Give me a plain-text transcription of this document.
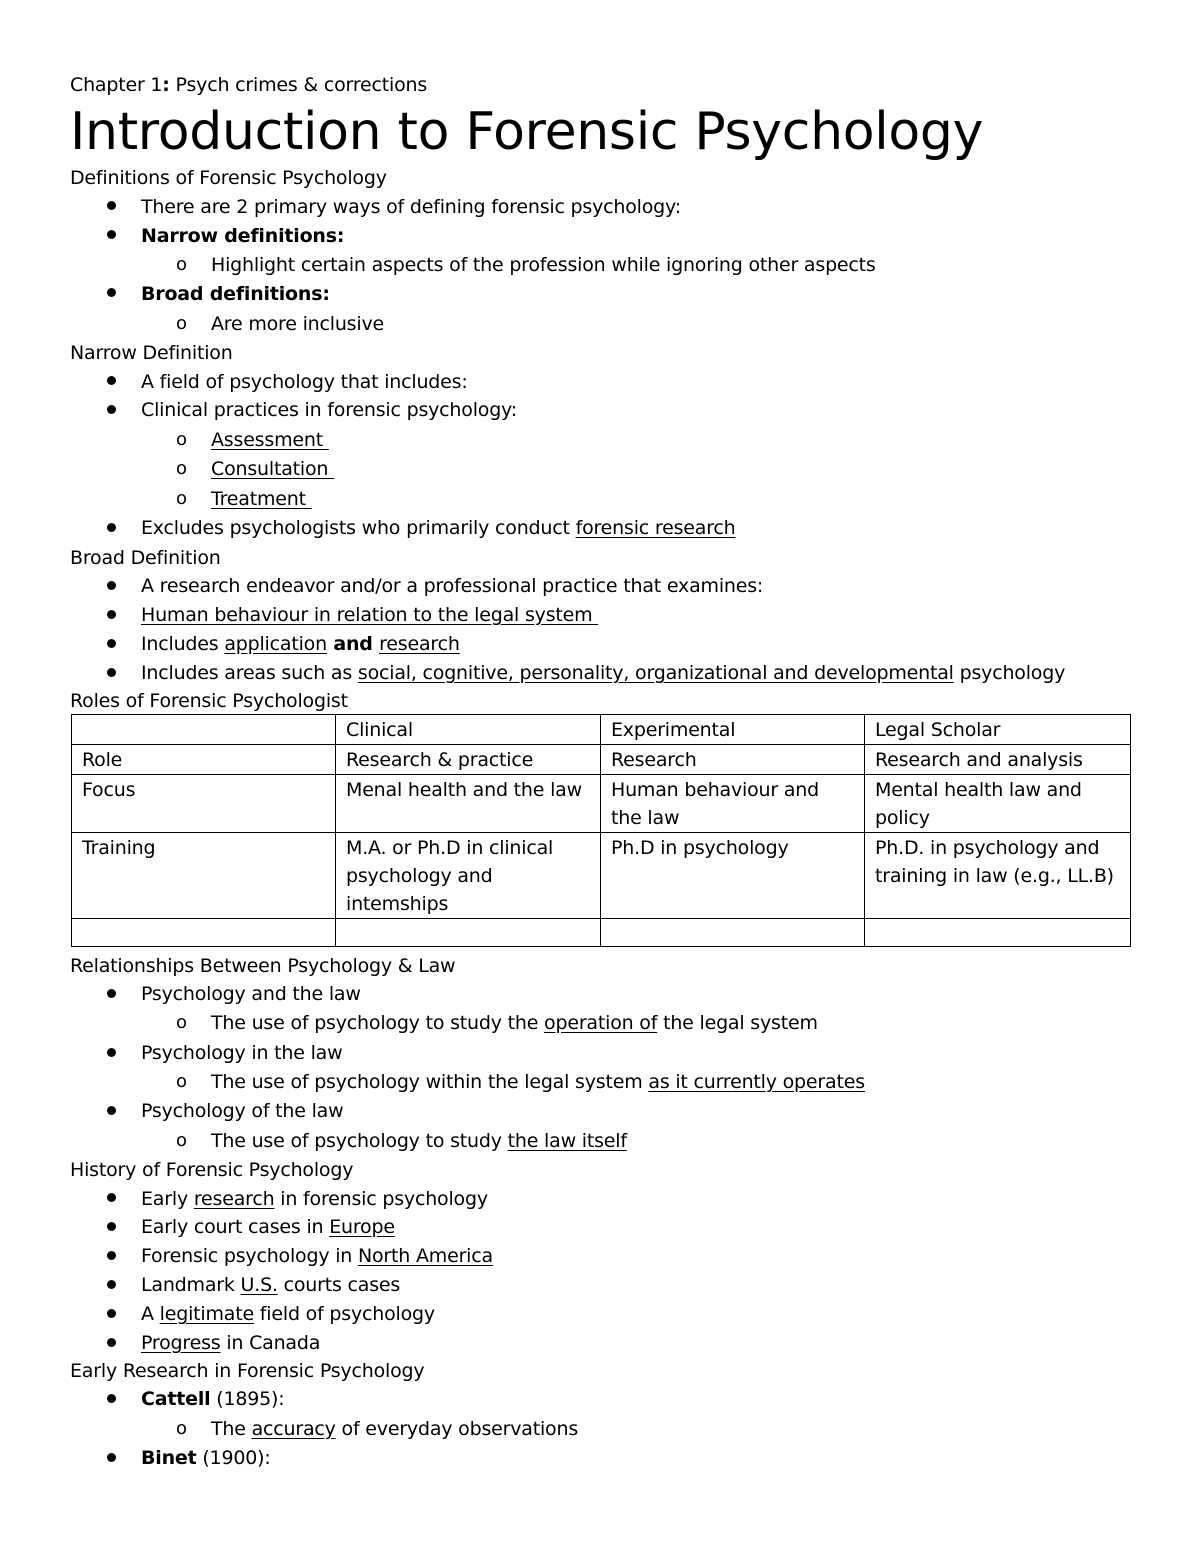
Chapter 1: Psych crimes & corrections
Introduction to Forensic Psychology
Definitions of Forensic Psychology
There are 2 primary ways of defining forensic psychology:
Narrow definitions:
o Highlight certain aspects of the profession while ignoring other aspects
Broad definitions:
o Are more inclusive
Narrow Definition
A field of psychology that includes:
Clinical practices in forensic psychology:
o Assessment
o Consultation
o Treatment
Excludes psychologists who primarily conduct forensic research
Broad Definition
A research endeavor and/or a professional practice that examines:
Human behaviour in relation to the legal system
Includes application and research
Includes areas such as social, cognitive, personality, organizational and developmental psychology
Roles of Forensic Psychologist
	Clinical	Experimental	Legal Scholar
Role	Research & practice	Research	Research and analysis
Focus	Menal health and the law	Human behaviour and the law	Mental health law and policy
Training	M.A. or Ph.D in clinical psychology and intemships	Ph.D in psychology	Ph.D. in psychology and training in law (e.g., LL.B)

Relationships Between Psychology & Law
Psychology and the law
o The use of psychology to study the operation of the legal system
Psychology in the law
o The use of psychology within the legal system as it currently operates
Psychology of the law
o The use of psychology to study the law itself
History of Forensic Psychology
Early research in forensic psychology
Early court cases in Europe
Forensic psychology in North America
Landmark U.S. courts cases
A legitimate field of psychology
Progress in Canada
Early Research in Forensic Psychology
Cattell (1895):
o The accuracy of everyday observations
Binet (1900):
